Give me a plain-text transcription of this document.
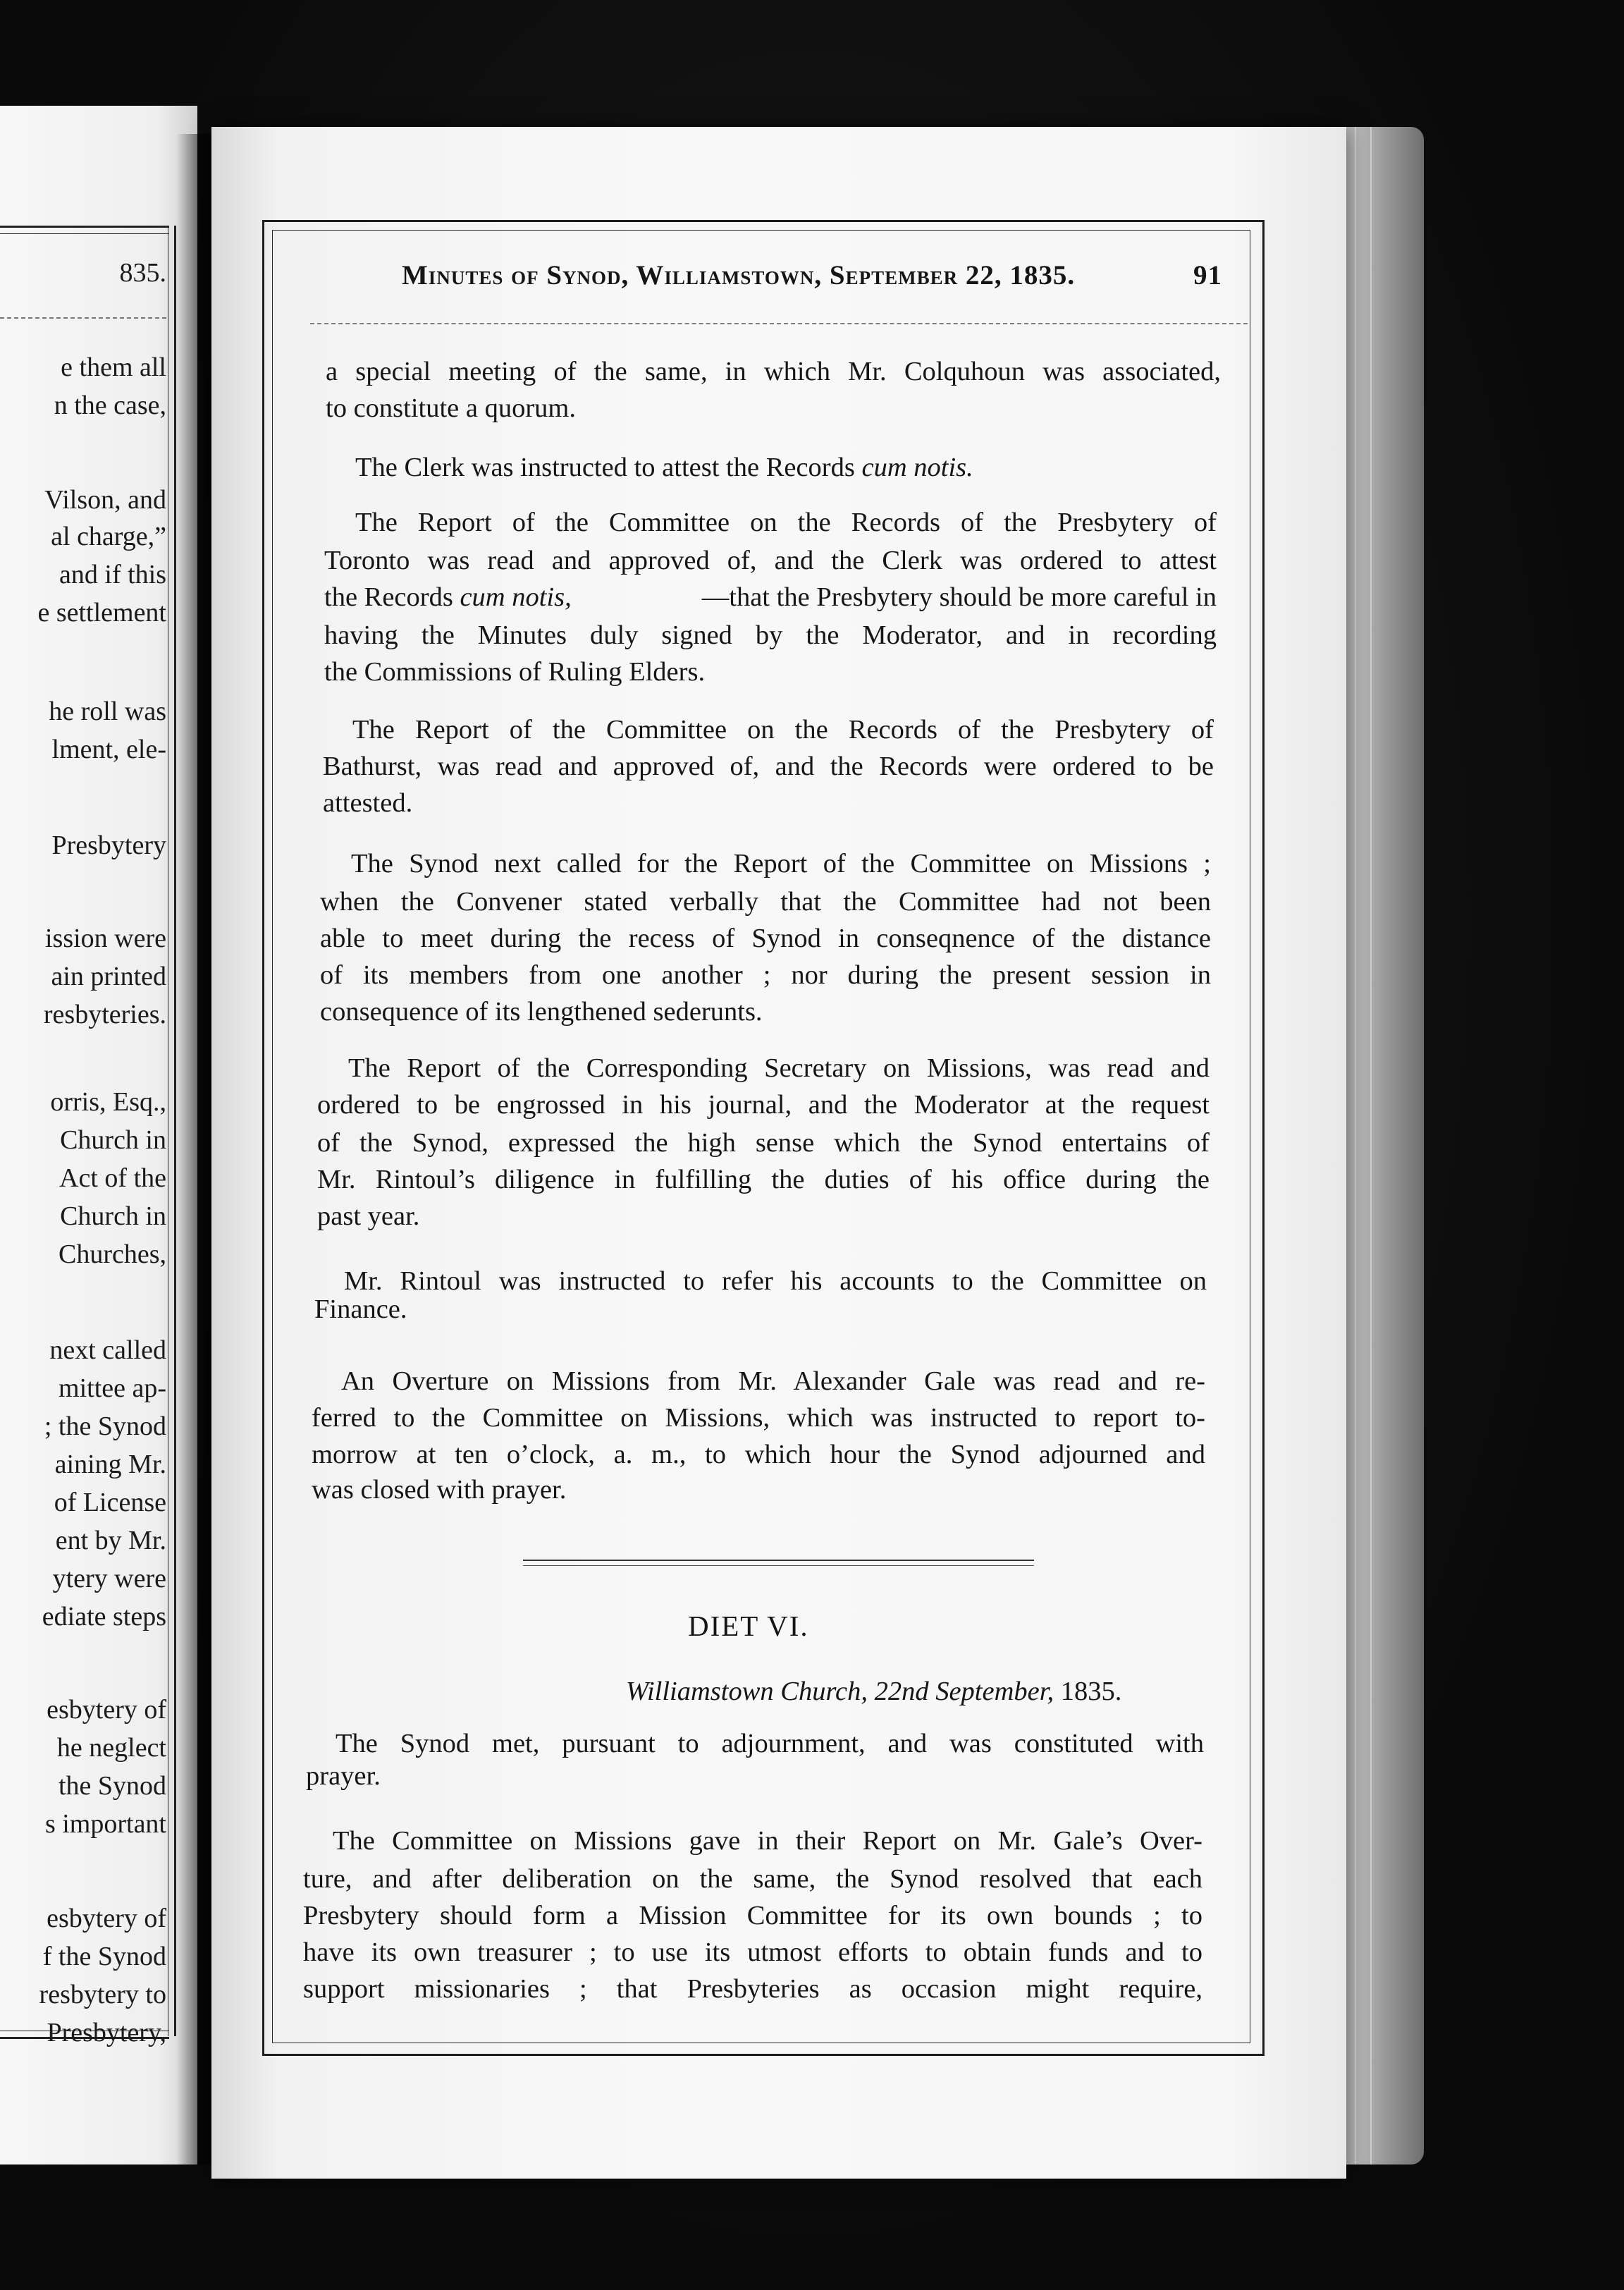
835.
e them all
n the case,
Vilson, and
al charge,”
and if this
e settlement
he roll was
lment, ele-
Presbytery
ission were
ain printed
resbyteries.
orris, Esq.,
Church in
Act of the
Church in
Churches,
next called
mittee ap-
; the Synod
aining Mr.
of License
ent by Mr.
ytery were
ediate steps
esbytery of
he neglect
the Synod
s important
esbytery of
f the Synod
resbytery to
Presbytery,
Minutes of Synod, Williamstown, September 22, 1835.	91
a special meeting of the same, in which Mr. Colquhoun was associated,
to constitute a quorum.
The Clerk was instructed to attest the Records cum notis.
The Report of the Committee on the Records of the Presbytery of
Toronto was read and approved of, and the Clerk was ordered to attest
the Records cum notis,	—that the Presbytery should be more careful in
having the Minutes duly signed by the Moderator, and in recording
the Commissions of Ruling Elders.
The Report of the Committee on the Records of the Presbytery of
Bathurst, was read and approved of, and the Records were ordered to be
attested.
The Synod next called for the Report of the Committee on Missions ;
when the Convener stated verbally that the Committee had not been
able to meet during the recess of Synod in conseqnence of the distance
of its members from one another ; nor during the present session in
consequence of its lengthened sederunts.
The Report of the Corresponding Secretary on Missions, was read and
ordered to be engrossed in his journal, and the Moderator at the request
of the Synod, expressed the high sense which the Synod entertains of
Mr. Rintoul’s diligence in fulfilling the duties of his office during the
past year.
Mr. Rintoul was instructed to refer his accounts to the Committee on
Finance.
An Overture on Missions from Mr. Alexander Gale was read and re-
ferred to the Committee on Missions, which was instructed to report to-
morrow at ten o’clock, a. m., to which hour the Synod adjourned and
was closed with prayer.
DIET VI.
Williamstown Church, 22nd September, 1835.
The Synod met, pursuant to adjournment, and was constituted with
prayer.
The Committee on Missions gave in their Report on Mr. Gale’s Over-
ture, and after deliberation on the same, the Synod resolved that each
Presbytery should form a Mission Committee for its own bounds ; to
have its own treasurer ; to use its utmost efforts to obtain funds and to
support missionaries ; that Presbyteries as occasion might require,
